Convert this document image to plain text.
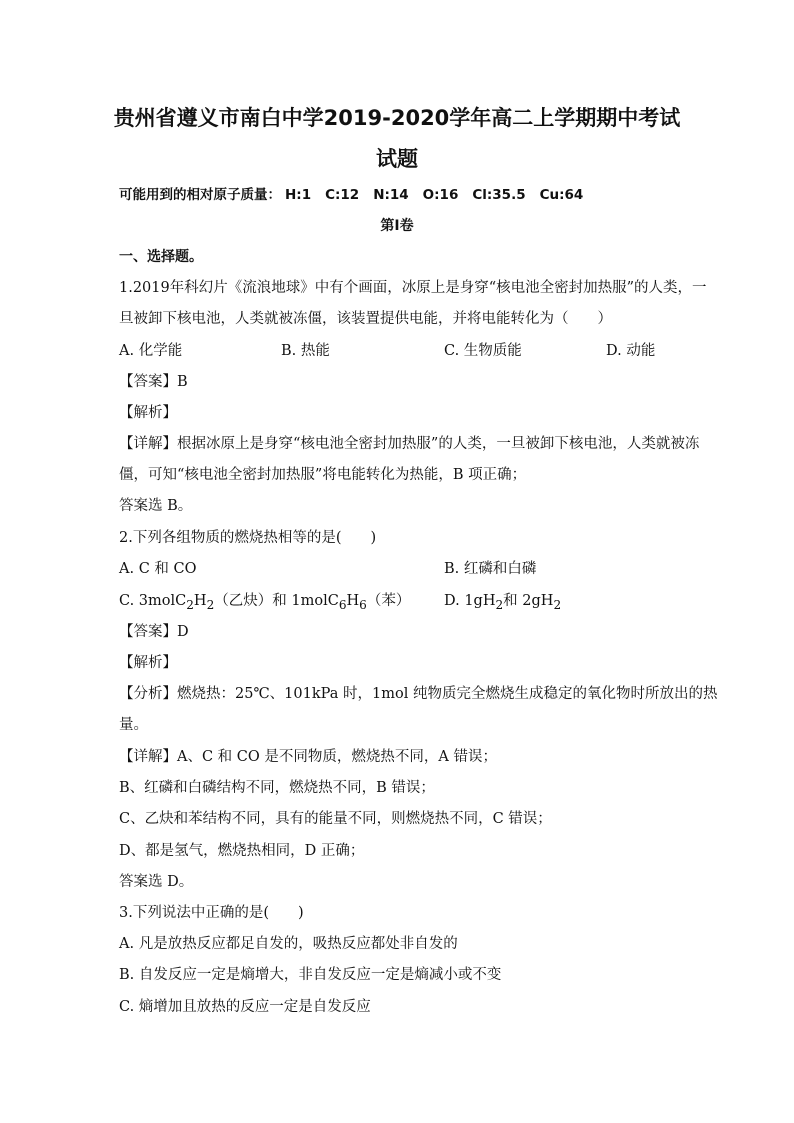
贵州省遵义市南白中学2019-2020学年高二上学期期中考试
试题
可能用到的相对原子质量： H:1 C:12 N:14 O:16 Cl:35.5 Cu:64
第I卷
一、选择题。
1.2019年科幻片《流浪地球》中有个画面，冰原上是身穿“核电池全密封加热服”的人类，一
旦被卸下核电池，人类就被冻僵，该装置提供电能，并将电能转化为（　　）
A. 化学能	B. 热能	C. 生物质能	D. 动能
【答案】B
【解析】
【详解】根据冰原上是身穿“核电池全密封加热服”的人类，一旦被卸下核电池，人类就被冻
僵，可知“核电池全密封加热服”将电能转化为热能，B 项正确；
答案选 B。
2.下列各组物质的燃烧热相等的是(　　)
A. C 和 CO	B. 红磷和白磷
C. $3molC_2H_2$（乙炔）和 $1molC_6H_6$（苯） D. $1gH_2$和 $2gH_2$
【答案】D
【解析】
【分析】燃烧热：25℃、101kPa 时，1mol 纯物质完全燃烧生成稳定的氧化物时所放出的热
量。
【详解】A、C 和 CO 是不同物质，燃烧热不同，A 错误；
B、红磷和白磷结构不同，燃烧热不同，B 错误；
C、乙炔和苯结构不同，具有的能量不同，则燃烧热不同，C 错误；
D、都是氢气，燃烧热相同，D 正确；
答案选 D。
3.下列说法中正确的是(　　)
A. 凡是放热反应都足自发的，吸热反应都处非自发的
B. 自发反应一定是熵增大，非自发反应一定是熵减小或不变
C. 熵增加且放热的反应一定是自发反应
